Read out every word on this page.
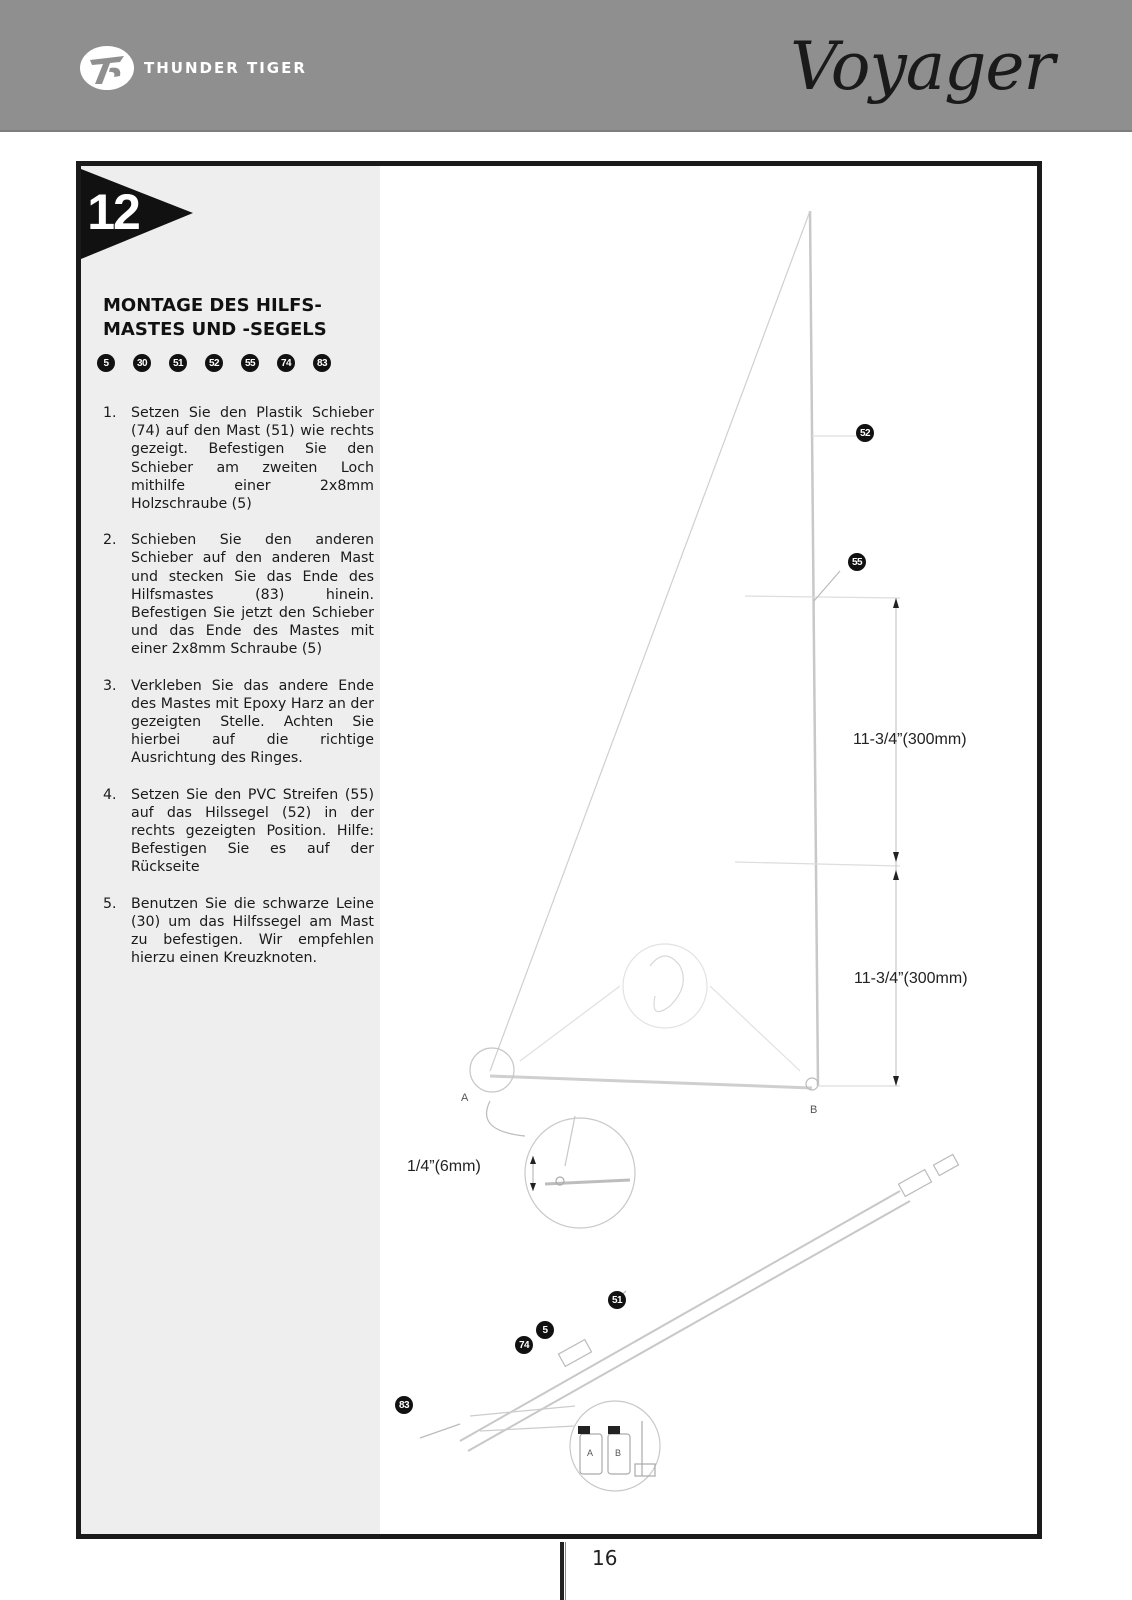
THUNDER TIGER	Voyager
12
MONTAGE DES HILFS-
MASTES UND -SEGELS
5	30	51	52	55	74	83
1. Setzen Sie den Plastik Schieber (74) auf den Mast (51) wie rechts gezeigt. Befestigen Sie den Schieber am zweiten Loch mithilfe einer 2x8mm Holzschraube (5)
2. Schieben Sie den anderen Schieber auf den anderen Mast und stecken Sie das Ende des Hilfsmastes (83) hinein. Befestigen Sie jetzt den Schieber und das Ende des Mastes mit einer 2x8mm Schraube (5)
3. Verkleben Sie das andere Ende des Mastes mit Epoxy Harz an der gezeigten Stelle. Achten Sie hierbei auf die richtige Ausrichtung des Ringes.
4. Setzen Sie den PVC Streifen (55) auf das Hilssegel (52) in der rechts gezeigten Position. Hilfe: Befestigen Sie es auf der Rückseite
5. Benutzen Sie die schwarze Leine (30) um das Hilfssegel am Mast zu befestigen. Wir empfehlen hierzu einen Kreuzknoten.
52
55
51
5
74
83
11-3/4”(300mm)
11-3/4”(300mm)
1/4”(6mm)
A
B
A B
16
